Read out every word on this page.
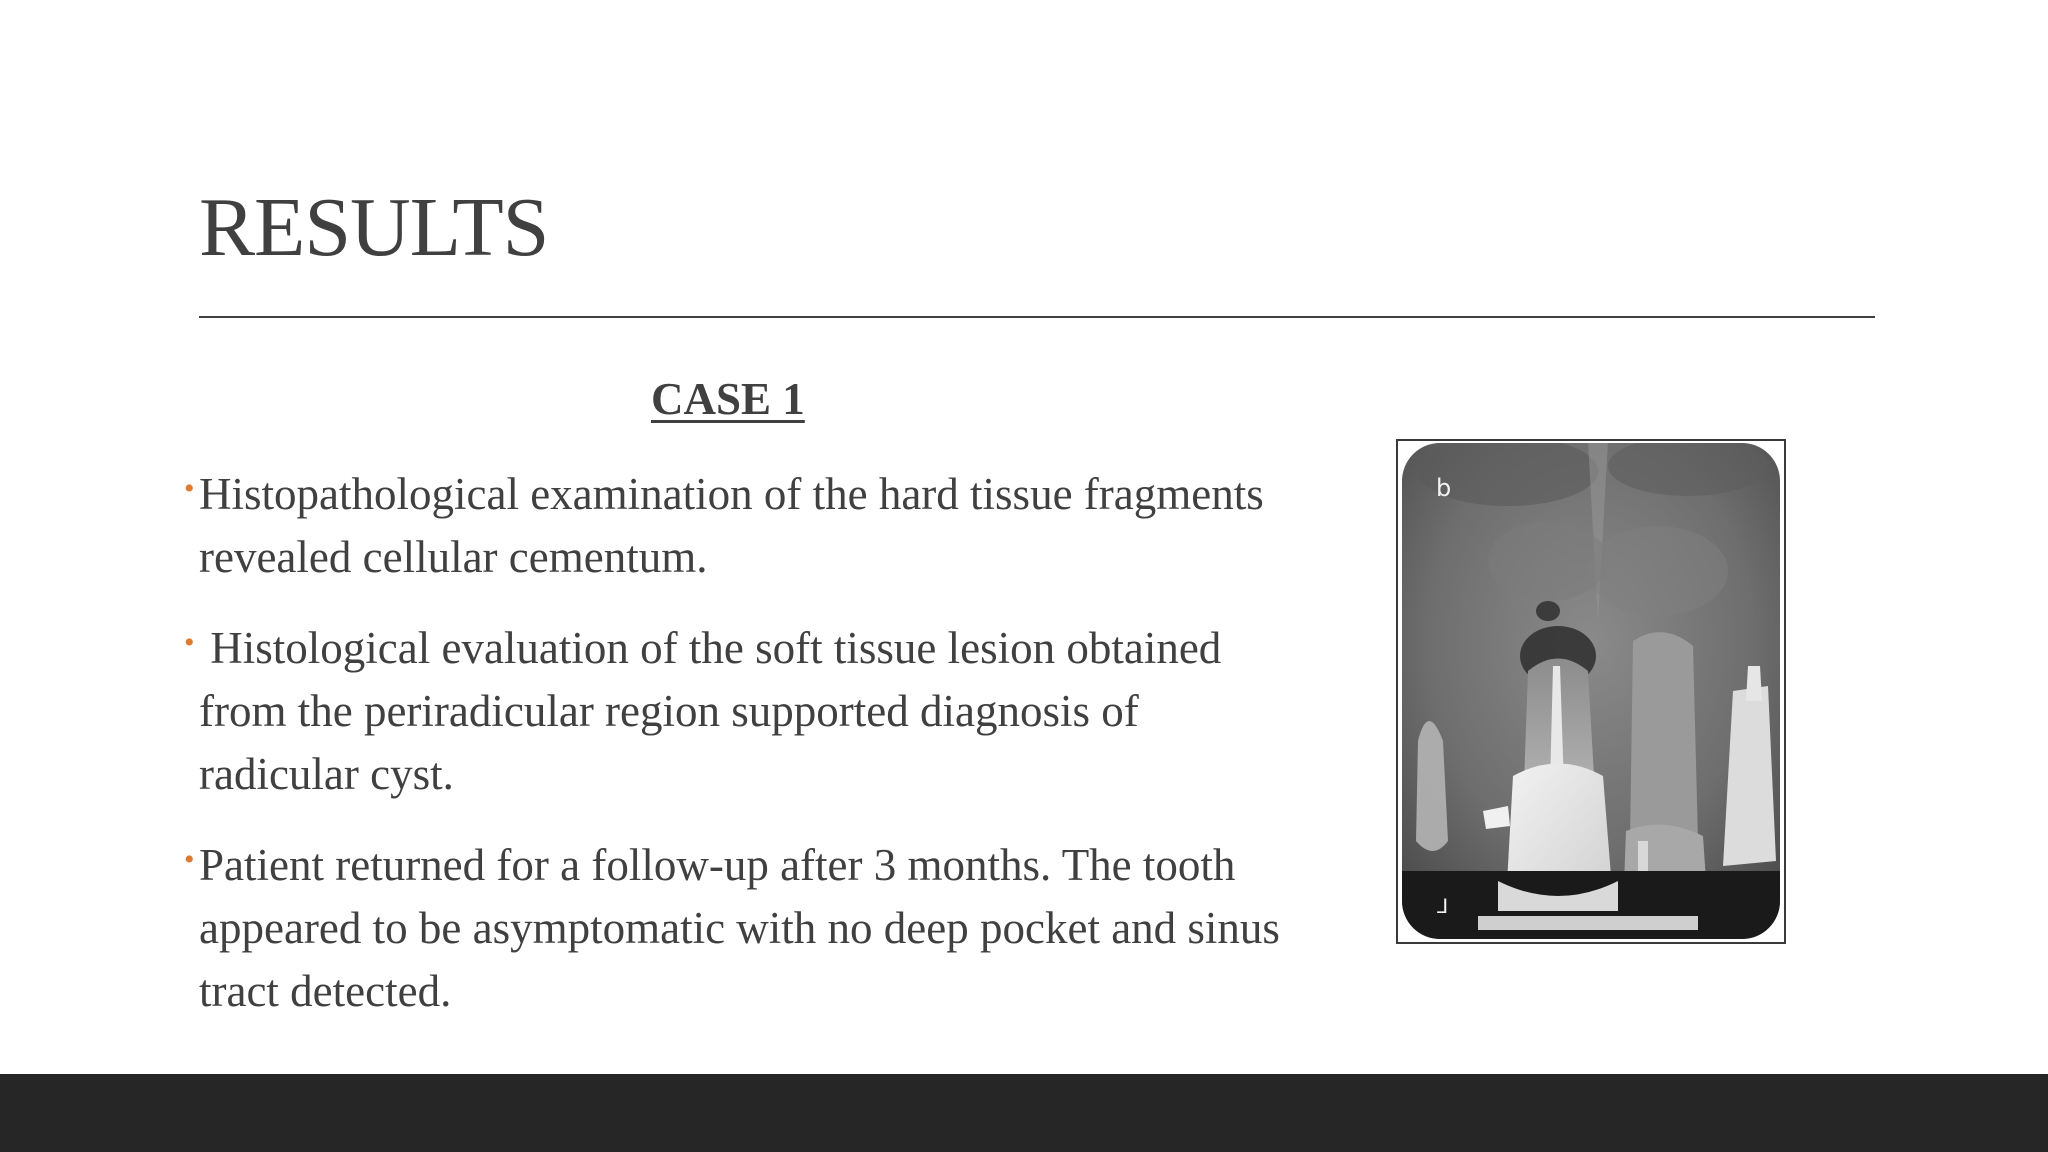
RESULTS
CASE 1
• Histopathological examination of the hard tissue fragments revealed cellular cementum.
• Histological evaluation of the soft tissue lesion obtained from the periradicular region supported diagnosis of radicular cyst.
• Patient returned for a follow-up after 3 months. The tooth appeared to be asymptomatic with no deep pocket and sinus tract detected.
b
ᒧ
